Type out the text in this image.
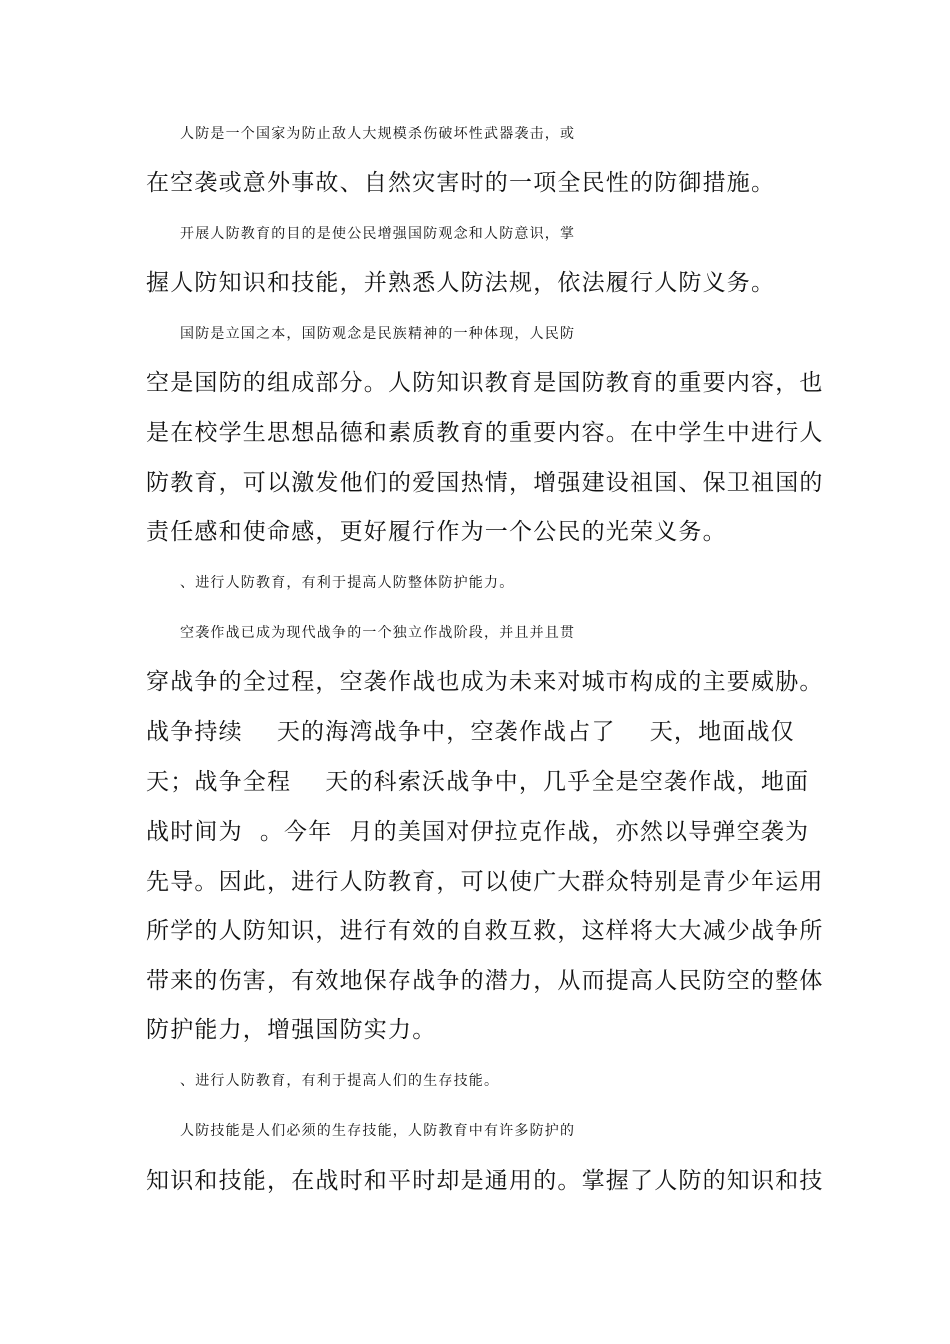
人防是一个国家为防止敌人大规模杀伤破坏性武器袭击，或
在空袭或意外事故、自然灾害时的一项全民性的防御措施。
开展人防教育的目的是使公民增强国防观念和人防意识，掌
握人防知识和技能，并熟悉人防法规，依法履行人防义务。
国防是立国之本，国防观念是民族精神的一种体现，人民防
空是国防的组成部分。人防知识教育是国防教育的重要内容，也
是在校学生思想品德和素质教育的重要内容。在中学生中进行人
防教育，可以激发他们的爱国热情，增强建设祖国、保卫祖国的
责任感和使命感，更好履行作为一个公民的光荣义务。
、进行人防教育，有利于提高人防整体防护能力。
空袭作战已成为现代战争的一个独立作战阶段，并且并且贯
穿战争的全过程，空袭作战也成为未来对城市构成的主要威胁。
战争持续    天的海湾战争中，空袭作战占了    天，地面战仅
天；战争全程    天的科索沃战争中，几乎全是空袭作战，地面
战时间为  。今年  月的美国对伊拉克作战，亦然以导弹空袭为
先导。因此，进行人防教育，可以使广大群众特别是青少年运用
所学的人防知识，进行有效的自救互救，这样将大大减少战争所
带来的伤害，有效地保存战争的潜力，从而提高人民防空的整体
防护能力，增强国防实力。
、进行人防教育，有利于提高人们的生存技能。
人防技能是人们必须的生存技能，人防教育中有许多防护的
知识和技能，在战时和平时却是通用的。掌握了人防的知识和技
